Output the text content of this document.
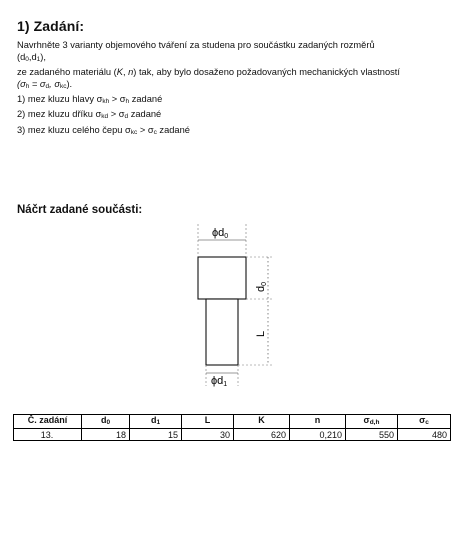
1) Zadání:
Navrhněte 3 varianty objemového tváření za studena pro součástku zadaných rozměrů
(d0,d1),
ze zadaného materiálu (K, n) tak, aby bylo dosaženo požadovaných mechanických vlastností
(σh = σd, σkc).
1) mez kluzu hlavy σkh > σh zadané
2) mez kluzu dříku σkd > σd zadané
3) mez kluzu celého čepu σkc > σc zadané
Náčrt zadané součásti:
ϕd0
d0
L
ϕd1
Č. zadání	d0	d1	L	K	n	σd,h	σc
13.	18	15	30	620	0,210	550	480
